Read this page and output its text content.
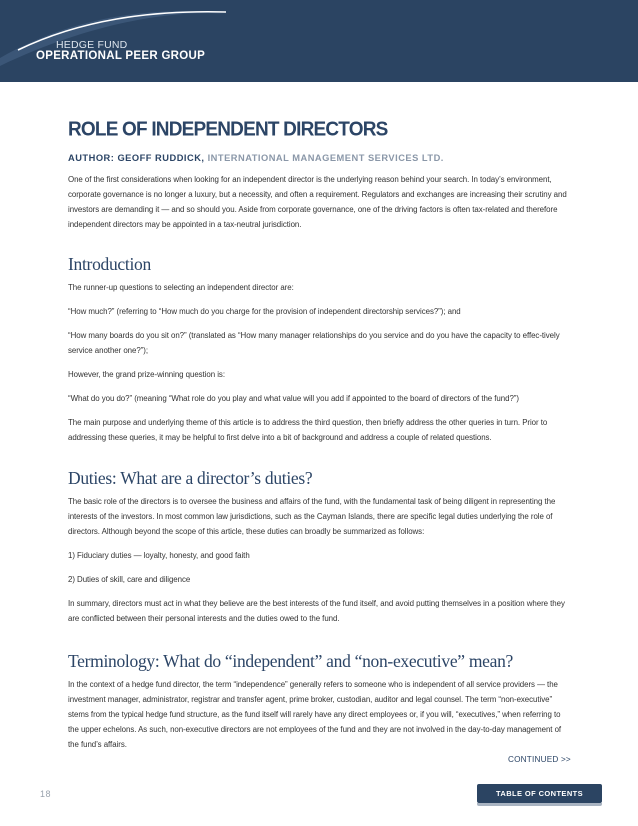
HEDGE FUND
OPERATIONAL PEER GROUP
ROLE OF INDEPENDENT DIRECTORS
AUTHOR: GEOFF RUDDICK, INTERNATIONAL MANAGEMENT SERVICES LTD.

One of the first considerations when looking for an independent director is the underlying reason behind your search. In today’s environment, corporate governance is no longer a luxury, but a necessity, and often a requirement. Regulators and exchanges are increasing their scrutiny and investors are demanding it — and so should you. Aside from corporate governance, one of the driving factors is often tax-related and therefore independent directors may be appointed in a tax-neutral jurisdiction.

Introduction

The runner-up questions to selecting an independent director are:

“How much?” (referring to “How much do you charge for the provision of independent directorship services?”); and

“How many boards do you sit on?” (translated as “How many manager relationships do you service and do you have the capacity to effec-tively service another one?”);

However, the grand prize-winning question is:

“What do you do?” (meaning “What role do you play and what value will you add if appointed to the board of directors of the fund?”)

The main purpose and underlying theme of this article is to address the third question, then briefly address the other queries in turn. Prior to addressing these queries, it may be helpful to first delve into a bit of background and address a couple of related questions.

Duties: What are a director’s duties?

The basic role of the directors is to oversee the business and affairs of the fund, with the fundamental task of being diligent in representing the interests of the investors. In most common law jurisdictions, such as the Cayman Islands, there are specific legal duties underlying the role of directors. Although beyond the scope of this article, these duties can broadly be summarized as follows:

1) Fiduciary duties — loyalty, honesty, and good faith

2) Duties of skill, care and diligence

In summary, directors must act in what they believe are the best interests of the fund itself, and avoid putting themselves in a position where they are conflicted between their personal interests and the duties owed to the fund.

Terminology: What do “independent” and “non-executive” mean?

In the context of a hedge fund director, the term “independence” generally refers to someone who is independent of all service providers — the investment manager, administrator, registrar and transfer agent, prime broker, custodian, auditor and legal counsel. The term “non-executive” stems from the typical hedge fund structure, as the fund itself will rarely have any direct employees or, if you will, “executives,” when referring to the upper echelons. As such, non-executive directors are not employees of the fund and they are not involved in the day-to-day management of the fund’s affairs.

CONTINUED >>
18	TABLE OF CONTENTS
